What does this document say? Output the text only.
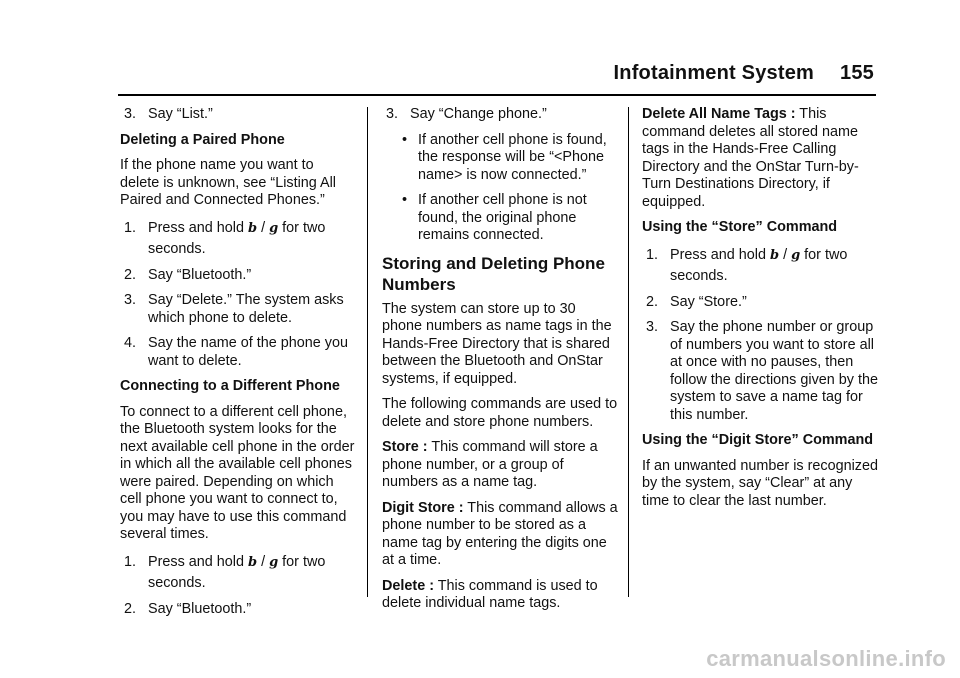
Infotainment System 155
3. Say “List.”

Deleting a Paired Phone

If the phone name you want to delete is unknown, see “Listing All Paired and Connected Phones.”

1. Press and hold b / g for two seconds.
2. Say “Bluetooth.”
3. Say “Delete.” The system asks which phone to delete.
4. Say the name of the phone you want to delete.

Connecting to a Different Phone

To connect to a different cell phone, the Bluetooth system looks for the next available cell phone in the order in which all the available cell phones were paired. Depending on which cell phone you want to connect to, you may have to use this command several times.

1. Press and hold b / g for two seconds.
2. Say “Bluetooth.”
3. Say “Change phone.”
• If another cell phone is found, the response will be “<Phone name> is now connected.”
• If another cell phone is not found, the original phone remains connected.
Storing and Deleting Phone Numbers

The system can store up to 30 phone numbers as name tags in the Hands-Free Directory that is shared between the Bluetooth and OnStar systems, if equipped.

The following commands are used to delete and store phone numbers.

Store : This command will store a phone number, or a group of numbers as a name tag.

Digit Store : This command allows a phone number to be stored as a name tag by entering the digits one at a time.

Delete : This command is used to delete individual name tags.

Delete All Name Tags : This command deletes all stored name tags in the Hands-Free Calling Directory and the OnStar Turn-by-Turn Destinations Directory, if equipped.

Using the “Store” Command

1. Press and hold b / g for two seconds.
2. Say “Store.”
3. Say the phone number or group of numbers you want to store all at once with no pauses, then follow the directions given by the system to save a name tag for this number.

Using the “Digit Store” Command

If an unwanted number is recognized by the system, say “Clear” at any time to clear the last number.

carmanualsonline.info
